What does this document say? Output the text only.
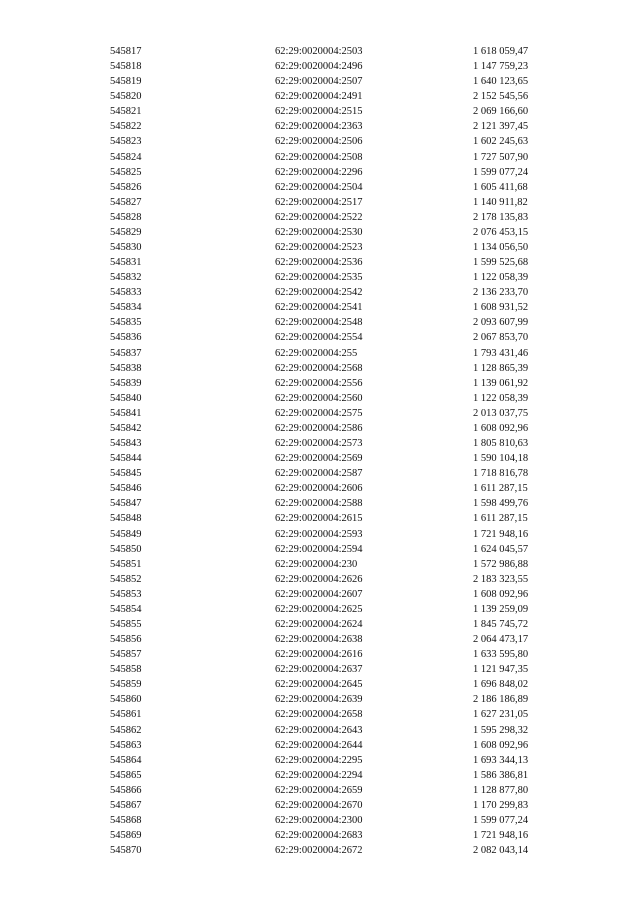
545817	62:29:0020004:2503	1 618 059,47
545818	62:29:0020004:2496	1 147 759,23
545819	62:29:0020004:2507	1 640 123,65
545820	62:29:0020004:2491	2 152 545,56
545821	62:29:0020004:2515	2 069 166,60
545822	62:29:0020004:2363	2 121 397,45
545823	62:29:0020004:2506	1 602 245,63
545824	62:29:0020004:2508	1 727 507,90
545825	62:29:0020004:2296	1 599 077,24
545826	62:29:0020004:2504	1 605 411,68
545827	62:29:0020004:2517	1 140 911,82
545828	62:29:0020004:2522	2 178 135,83
545829	62:29:0020004:2530	2 076 453,15
545830	62:29:0020004:2523	1 134 056,50
545831	62:29:0020004:2536	1 599 525,68
545832	62:29:0020004:2535	1 122 058,39
545833	62:29:0020004:2542	2 136 233,70
545834	62:29:0020004:2541	1 608 931,52
545835	62:29:0020004:2548	2 093 607,99
545836	62:29:0020004:2554	2 067 853,70
545837	62:29:0020004:255	1 793 431,46
545838	62:29:0020004:2568	1 128 865,39
545839	62:29:0020004:2556	1 139 061,92
545840	62:29:0020004:2560	1 122 058,39
545841	62:29:0020004:2575	2 013 037,75
545842	62:29:0020004:2586	1 608 092,96
545843	62:29:0020004:2573	1 805 810,63
545844	62:29:0020004:2569	1 590 104,18
545845	62:29:0020004:2587	1 718 816,78
545846	62:29:0020004:2606	1 611 287,15
545847	62:29:0020004:2588	1 598 499,76
545848	62:29:0020004:2615	1 611 287,15
545849	62:29:0020004:2593	1 721 948,16
545850	62:29:0020004:2594	1 624 045,57
545851	62:29:0020004:230	1 572 986,88
545852	62:29:0020004:2626	2 183 323,55
545853	62:29:0020004:2607	1 608 092,96
545854	62:29:0020004:2625	1 139 259,09
545855	62:29:0020004:2624	1 845 745,72
545856	62:29:0020004:2638	2 064 473,17
545857	62:29:0020004:2616	1 633 595,80
545858	62:29:0020004:2637	1 121 947,35
545859	62:29:0020004:2645	1 696 848,02
545860	62:29:0020004:2639	2 186 186,89
545861	62:29:0020004:2658	1 627 231,05
545862	62:29:0020004:2643	1 595 298,32
545863	62:29:0020004:2644	1 608 092,96
545864	62:29:0020004:2295	1 693 344,13
545865	62:29:0020004:2294	1 586 386,81
545866	62:29:0020004:2659	1 128 877,80
545867	62:29:0020004:2670	1 170 299,83
545868	62:29:0020004:2300	1 599 077,24
545869	62:29:0020004:2683	1 721 948,16
545870	62:29:0020004:2672	2 082 043,14
